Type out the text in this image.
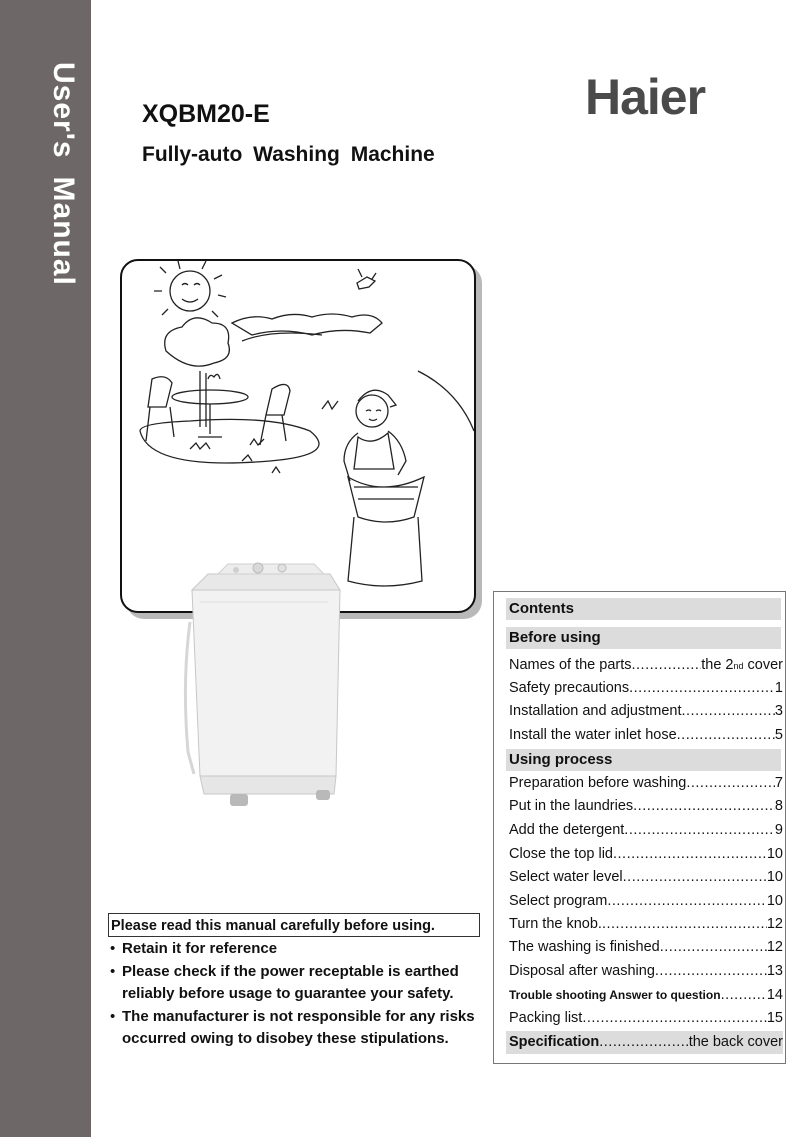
User'sManual
Haier
XQBM20-E
Fully-auto Washing Machine
Please read this manual carefully before using.
• Retain it for reference
• Please check if the power receptable is earthed reliably before usage to guarantee your safety.
• The manufacturer is not responsible for any risks occurred owing to disobey these stipulations.
Contents
Before using
Names of the parts .....	the 2nd cover
Safety precautions .....	1
Installation and adjustment .....	3
Install the water inlet hose .....	5
Using process
Preparation before washing .....	7
Put in the laundries .....	8
Add the detergent .....	9
Close the top lid .....	10
Select water level .....	10
Select program .....	10
Turn the knob. .....	12
The washing is finished .....	12
Disposal after washing .....	13
Trouble shooting Answer to question .....	14
Packing list .....	15
Specification .....	the back cover
